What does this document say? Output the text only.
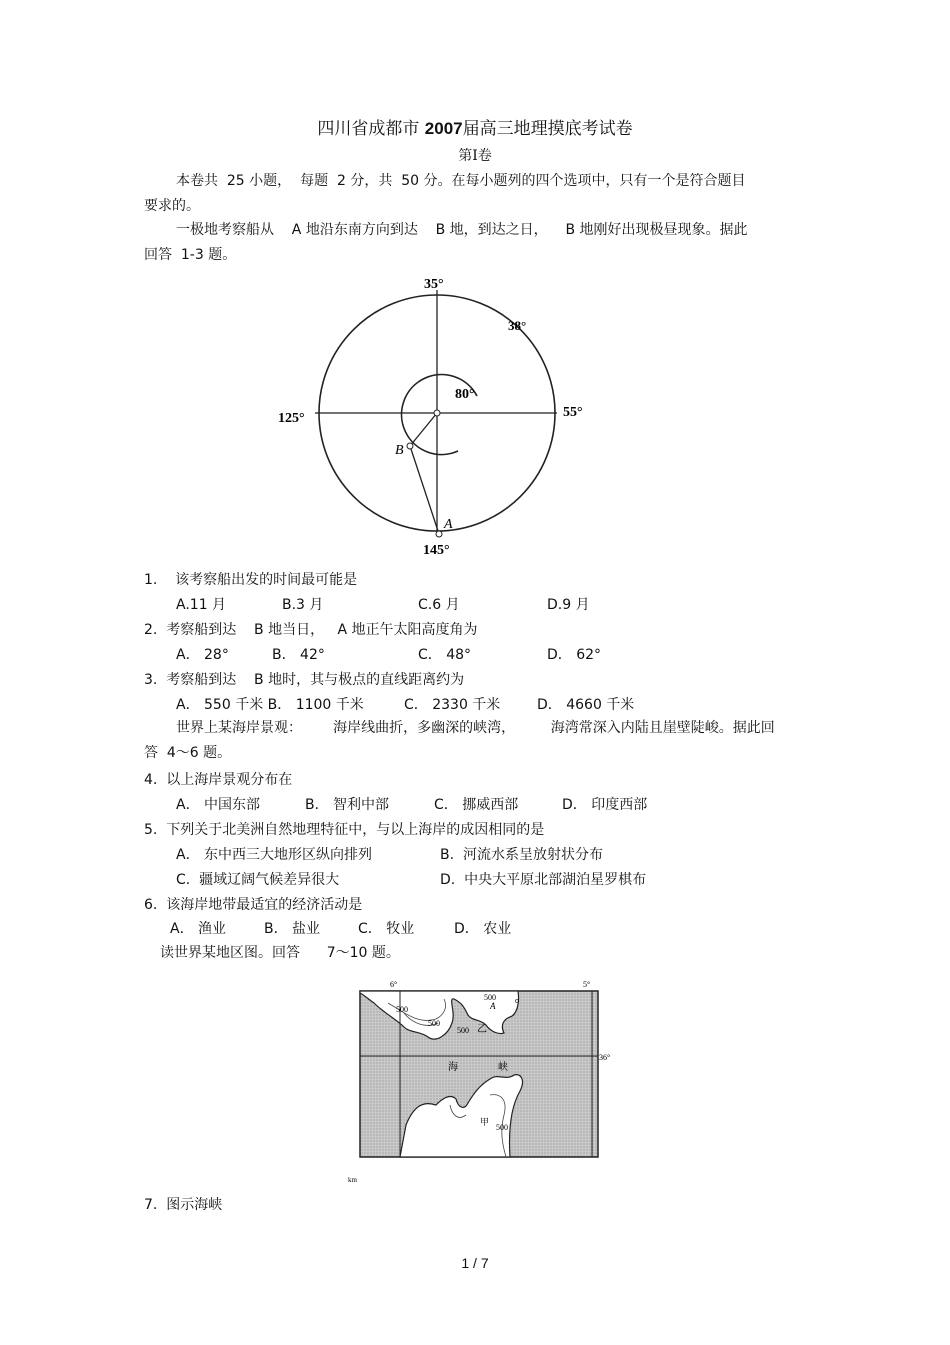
四川省成都市 2007届高三地理摸底考试卷
第I卷
本卷共  25 小题，  每题  2 分，共  50 分。在每小题列的四个选项中，只有一个是符合题目
要求的。
一极地考察船从    A 地沿东南方向到达    B 地，到达之日，    B 地刚好出现极昼现象。据此
回答  1-3 题。
35°
38°
80°
125°	55°
145°
A
B
1.    该考察船出发的时间最可能是
A.11 月	B.3 月	C.6 月	D.9 月
2.  考察船到达    B 地当日，   A 地正午太阳高度角为
A． 28°	B． 42°	C． 48°	D． 62°
3.  考察船到达    B 地时，其与极点的直线距离约为
A． 550 千米 B． 1100 千米	C． 2330 千米	D． 4660 千米
世界上某海岸景观：       海岸线曲折，多幽深的峡湾，        海湾常深入内陆且崖壁陡峻。据此回
答  4～6 题。
4.  以上海岸景观分布在
A． 中国东部	B． 智利中部	C． 挪威西部	D． 印度西部
5.  下列关于北美洲自然地理特征中，与以上海岸的成因相同的是
A． 东中西三大地形区纵向排列	B.  河流水系呈放射状分布
C.  疆域辽阔气候差异很大	D.  中央大平原北部湖泊星罗棋布
6.  该海岸地带最适宜的经济活动是
A． 渔业	B． 盐业	C． 牧业	D． 农业
读世界某地区图。回答      7～10 题。
6°	5°
36°
500
500
500
500
500
乙
A
o
海	峡
甲
km
7.  图示海峡
1 / 7
